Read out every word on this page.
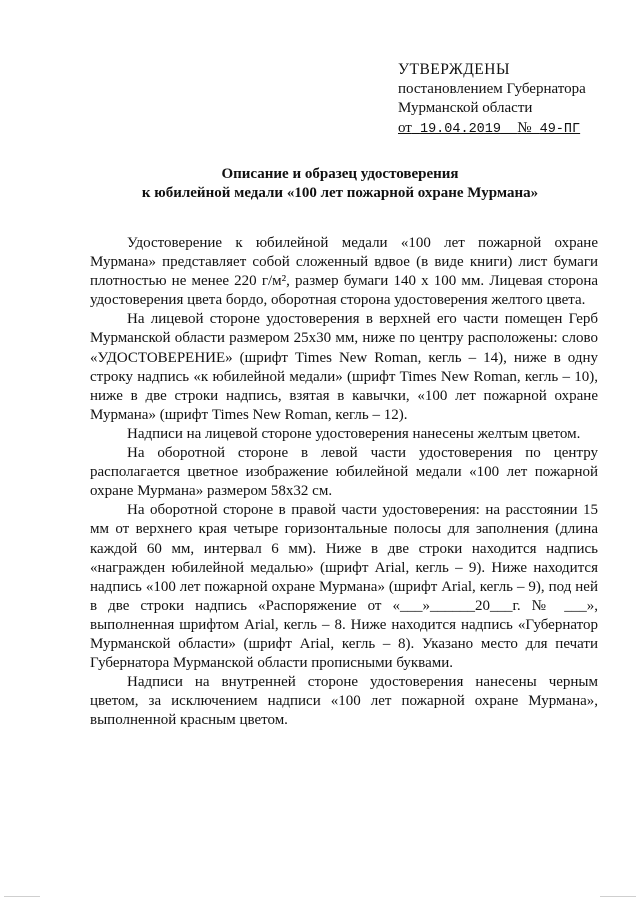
УТВЕРЖДЕНЫ
постановлением Губернатора
Мурманской области
от 19.04.2019 № 49-ПГ
Описание и образец удостоверения
к юбилейной медали «100 лет пожарной охране Мурмана»

Удостоверение к юбилейной медали «100 лет пожарной охране Мурмана» представляет собой сложенный вдвое (в виде книги) лист бумаги плотностью не менее 220 г/м², размер бумаги 140 х 100 мм. Лицевая сторона удостоверения цвета бордо, оборотная сторона удостоверения желтого цвета.

На лицевой стороне удостоверения в верхней его части помещен Герб Мурманской области размером 25х30 мм, ниже по центру расположены: слово «УДОСТОВЕРЕНИЕ» (шрифт Times New Roman, кегль – 14), ниже в одну строку надпись «к юбилейной медали» (шрифт Times New Roman, кегль – 10), ниже в две строки надпись, взятая в кавычки, «100 лет пожарной охране Мурмана» (шрифт Times New Roman, кегль – 12).

Надписи на лицевой стороне удостоверения нанесены желтым цветом.

На оборотной стороне в левой части удостоверения по центру располагается цветное изображение юбилейной медали «100 лет пожарной охране Мурмана» размером 58х32 см.

На оборотной стороне в правой части удостоверения: на расстоянии 15 мм от верхнего края четыре горизонтальные полосы для заполнения (длина каждой 60 мм, интервал 6 мм). Ниже в две строки находится надпись «награжден юбилейной медалью» (шрифт Arial, кегль – 9). Ниже находится надпись «100 лет пожарной охране Мурмана» (шрифт Arial, кегль – 9), под ней в две строки надпись «Распоряжение от «___»______20___г. № ___», выполненная шрифтом Arial, кегль – 8. Ниже находится надпись «Губернатор Мурманской области» (шрифт Arial, кегль – 8). Указано место для печати Губернатора Мурманской области прописными буквами.

Надписи на внутренней стороне удостоверения нанесены черным цветом, за исключением надписи «100 лет пожарной охране Мурмана», выполненной красным цветом.
